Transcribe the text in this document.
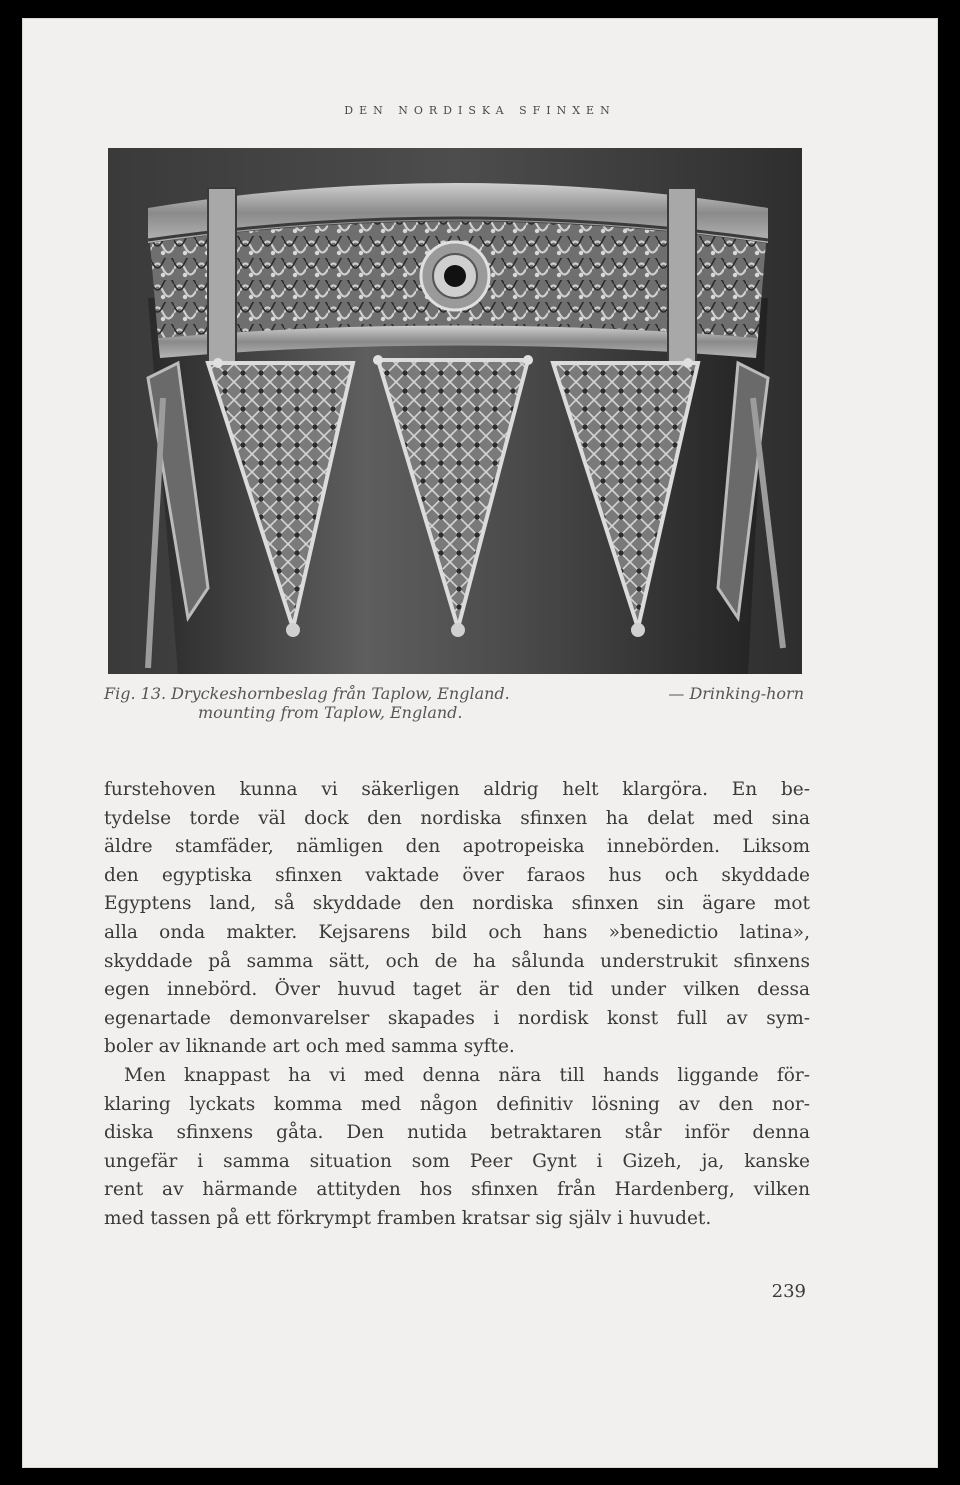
DEN NORDISKA SFINXEN
Fig. 13. Dryckeshornbeslag från Taplow, England.	— Drinking-horn
mounting from Taplow, England.
furstehoven kunna vi säkerligen aldrig helt klargöra. En be-
tydelse torde väl dock den nordiska sfinxen ha delat med sina
äldre stamfäder, nämligen den apotropeiska innebörden. Liksom
den egyptiska sfinxen vaktade över faraos hus och skyddade
Egyptens land, så skyddade den nordiska sfinxen sin ägare mot
alla onda makter. Kejsarens bild och hans »benedictio latina»,
skyddade på samma sätt, och de ha sålunda understrukit sfinxens
egen innebörd. Över huvud taget är den tid under vilken dessa
egenartade demonvarelser skapades i nordisk konst full av sym-
boler av liknande art och med samma syfte.
Men knappast ha vi med denna nära till hands liggande för-
klaring lyckats komma med någon definitiv lösning av den nor-
diska sfinxens gåta. Den nutida betraktaren står inför denna
ungefär i samma situation som Peer Gynt i Gizeh, ja, kanske
rent av härmande attityden hos sfinxen från Hardenberg, vilken
med tassen på ett förkrympt framben kratsar sig själv i huvudet.
239
